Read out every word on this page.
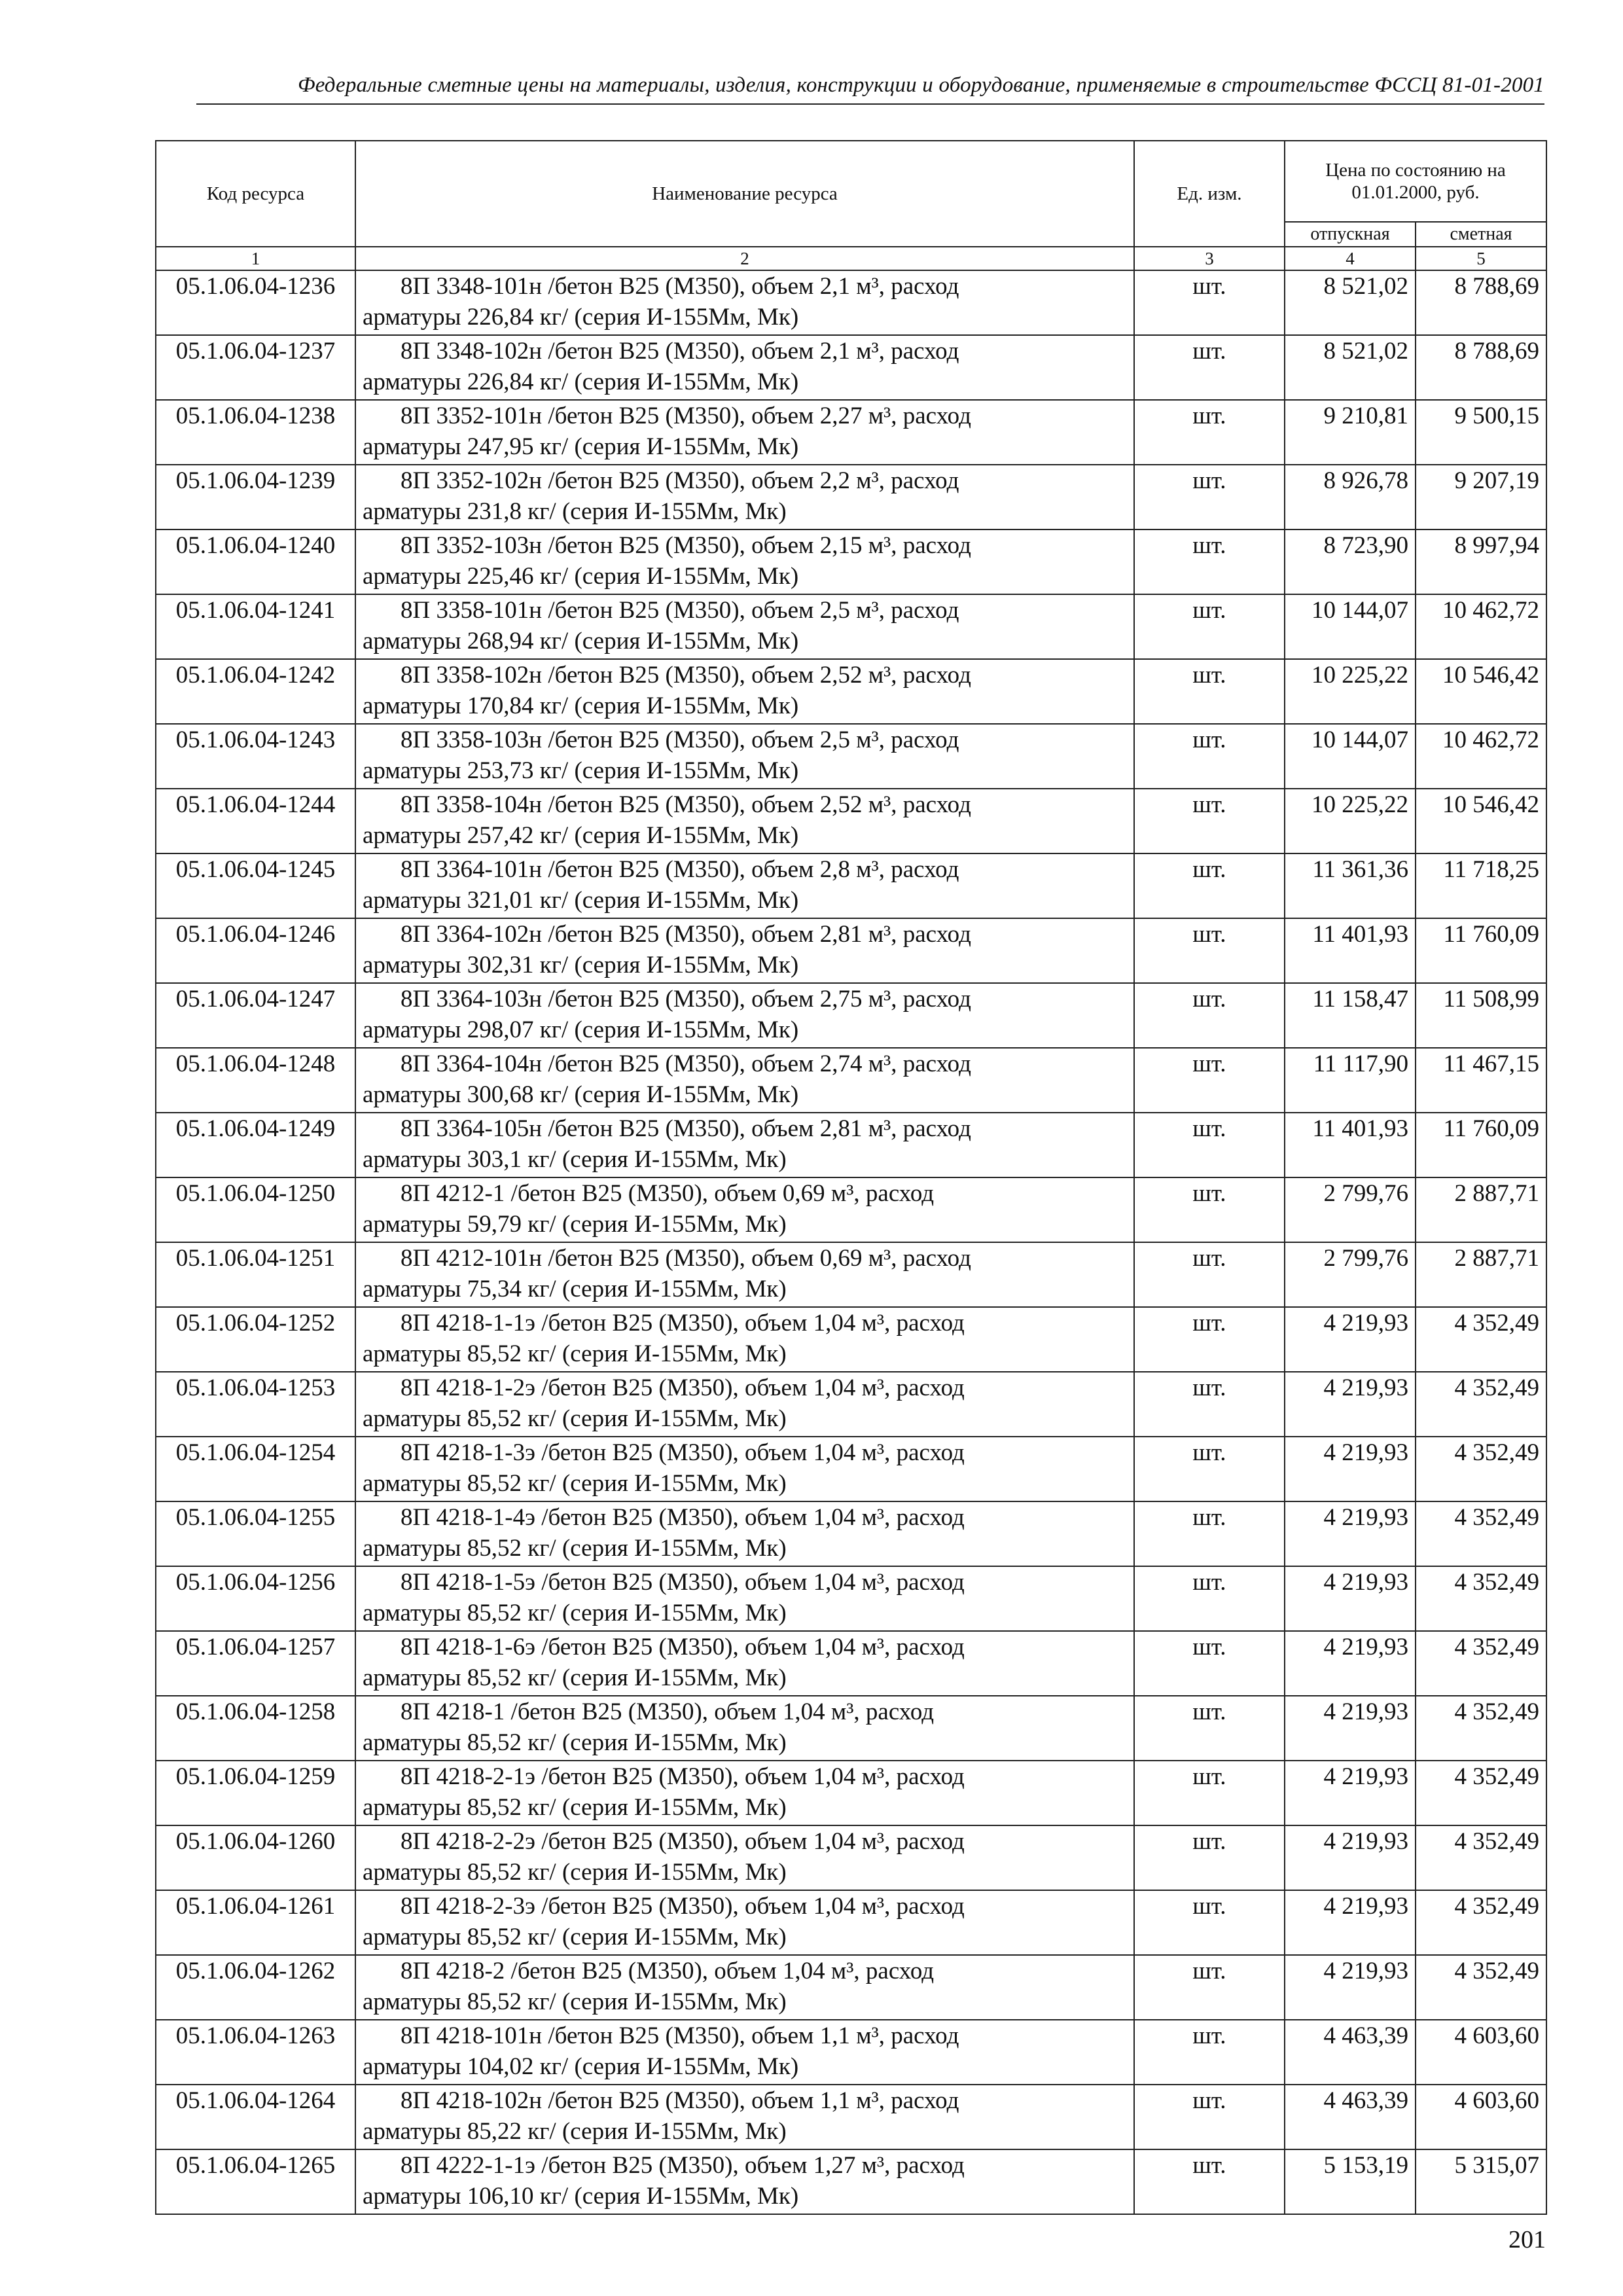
Федеральные сметные цены на материалы, изделия, конструкции и оборудование, применяемые в строительстве ФССЦ 81-01-2001
Код ресурса	Наименование ресурса	Ед. изм.	Цена по состоянию на
01.01.2000, руб.	
			отпускная	сметная
1	2	3	4	5
05.1.06.04-1236	8П 3348-101н /бетон В25 (М350), объем 2,1 м³, расход
арматуры 226,84 кг/ (серия И-155Мм, Мк)	шт.	8 521,02	8 788,69
05.1.06.04-1237	8П 3348-102н /бетон В25 (М350), объем 2,1 м³, расход
арматуры 226,84 кг/ (серия И-155Мм, Мк)	шт.	8 521,02	8 788,69
05.1.06.04-1238	8П 3352-101н /бетон В25 (М350), объем 2,27 м³, расход
арматуры 247,95 кг/ (серия И-155Мм, Мк)	шт.	9 210,81	9 500,15
05.1.06.04-1239	8П 3352-102н /бетон В25 (М350), объем 2,2 м³, расход
арматуры 231,8 кг/ (серия И-155Мм, Мк)	шт.	8 926,78	9 207,19
05.1.06.04-1240	8П 3352-103н /бетон В25 (М350), объем 2,15 м³, расход
арматуры 225,46 кг/ (серия И-155Мм, Мк)	шт.	8 723,90	8 997,94
05.1.06.04-1241	8П 3358-101н /бетон В25 (М350), объем 2,5 м³, расход
арматуры 268,94 кг/ (серия И-155Мм, Мк)	шт.	10 144,07	10 462,72
05.1.06.04-1242	8П 3358-102н /бетон В25 (М350), объем 2,52 м³, расход
арматуры 170,84 кг/ (серия И-155Мм, Мк)	шт.	10 225,22	10 546,42
05.1.06.04-1243	8П 3358-103н /бетон В25 (М350), объем 2,5 м³, расход
арматуры 253,73 кг/ (серия И-155Мм, Мк)	шт.	10 144,07	10 462,72
05.1.06.04-1244	8П 3358-104н /бетон В25 (М350), объем 2,52 м³, расход
арматуры 257,42 кг/ (серия И-155Мм, Мк)	шт.	10 225,22	10 546,42
05.1.06.04-1245	8П 3364-101н /бетон В25 (М350), объем 2,8 м³, расход
арматуры 321,01 кг/ (серия И-155Мм, Мк)	шт.	11 361,36	11 718,25
05.1.06.04-1246	8П 3364-102н /бетон В25 (М350), объем 2,81 м³, расход
арматуры 302,31 кг/ (серия И-155Мм, Мк)	шт.	11 401,93	11 760,09
05.1.06.04-1247	8П 3364-103н /бетон В25 (М350), объем 2,75 м³, расход
арматуры 298,07 кг/ (серия И-155Мм, Мк)	шт.	11 158,47	11 508,99
05.1.06.04-1248	8П 3364-104н /бетон В25 (М350), объем 2,74 м³, расход
арматуры 300,68 кг/ (серия И-155Мм, Мк)	шт.	11 117,90	11 467,15
05.1.06.04-1249	8П 3364-105н /бетон В25 (М350), объем 2,81 м³, расход
арматуры 303,1 кг/ (серия И-155Мм, Мк)	шт.	11 401,93	11 760,09
05.1.06.04-1250	8П 4212-1 /бетон В25 (М350), объем 0,69 м³, расход
арматуры 59,79 кг/ (серия И-155Мм, Мк)	шт.	2 799,76	2 887,71
05.1.06.04-1251	8П 4212-101н /бетон В25 (М350), объем 0,69 м³, расход
арматуры 75,34 кг/ (серия И-155Мм, Мк)	шт.	2 799,76	2 887,71
05.1.06.04-1252	8П 4218-1-1э /бетон В25 (М350), объем 1,04 м³, расход
арматуры 85,52 кг/ (серия И-155Мм, Мк)	шт.	4 219,93	4 352,49
05.1.06.04-1253	8П 4218-1-2э /бетон В25 (М350), объем 1,04 м³, расход
арматуры 85,52 кг/ (серия И-155Мм, Мк)	шт.	4 219,93	4 352,49
05.1.06.04-1254	8П 4218-1-3э /бетон В25 (М350), объем 1,04 м³, расход
арматуры 85,52 кг/ (серия И-155Мм, Мк)	шт.	4 219,93	4 352,49
05.1.06.04-1255	8П 4218-1-4э /бетон В25 (М350), объем 1,04 м³, расход
арматуры 85,52 кг/ (серия И-155Мм, Мк)	шт.	4 219,93	4 352,49
05.1.06.04-1256	8П 4218-1-5э /бетон В25 (М350), объем 1,04 м³, расход
арматуры 85,52 кг/ (серия И-155Мм, Мк)	шт.	4 219,93	4 352,49
05.1.06.04-1257	8П 4218-1-6э /бетон В25 (М350), объем 1,04 м³, расход
арматуры 85,52 кг/ (серия И-155Мм, Мк)	шт.	4 219,93	4 352,49
05.1.06.04-1258	8П 4218-1 /бетон В25 (М350), объем 1,04 м³, расход
арматуры 85,52 кг/ (серия И-155Мм, Мк)	шт.	4 219,93	4 352,49
05.1.06.04-1259	8П 4218-2-1э /бетон В25 (М350), объем 1,04 м³, расход
арматуры 85,52 кг/ (серия И-155Мм, Мк)	шт.	4 219,93	4 352,49
05.1.06.04-1260	8П 4218-2-2э /бетон В25 (М350), объем 1,04 м³, расход
арматуры 85,52 кг/ (серия И-155Мм, Мк)	шт.	4 219,93	4 352,49
05.1.06.04-1261	8П 4218-2-3э /бетон В25 (М350), объем 1,04 м³, расход
арматуры 85,52 кг/ (серия И-155Мм, Мк)	шт.	4 219,93	4 352,49
05.1.06.04-1262	8П 4218-2 /бетон В25 (М350), объем 1,04 м³, расход
арматуры 85,52 кг/ (серия И-155Мм, Мк)	шт.	4 219,93	4 352,49
05.1.06.04-1263	8П 4218-101н /бетон В25 (М350), объем 1,1 м³, расход
арматуры 104,02 кг/ (серия И-155Мм, Мк)	шт.	4 463,39	4 603,60
05.1.06.04-1264	8П 4218-102н /бетон В25 (М350), объем 1,1 м³, расход
арматуры 85,22 кг/ (серия И-155Мм, Мк)	шт.	4 463,39	4 603,60
05.1.06.04-1265	8П 4222-1-1э /бетон В25 (М350), объем 1,27 м³, расход
арматуры 106,10 кг/ (серия И-155Мм, Мк)	шт.	5 153,19	5 315,07
201
